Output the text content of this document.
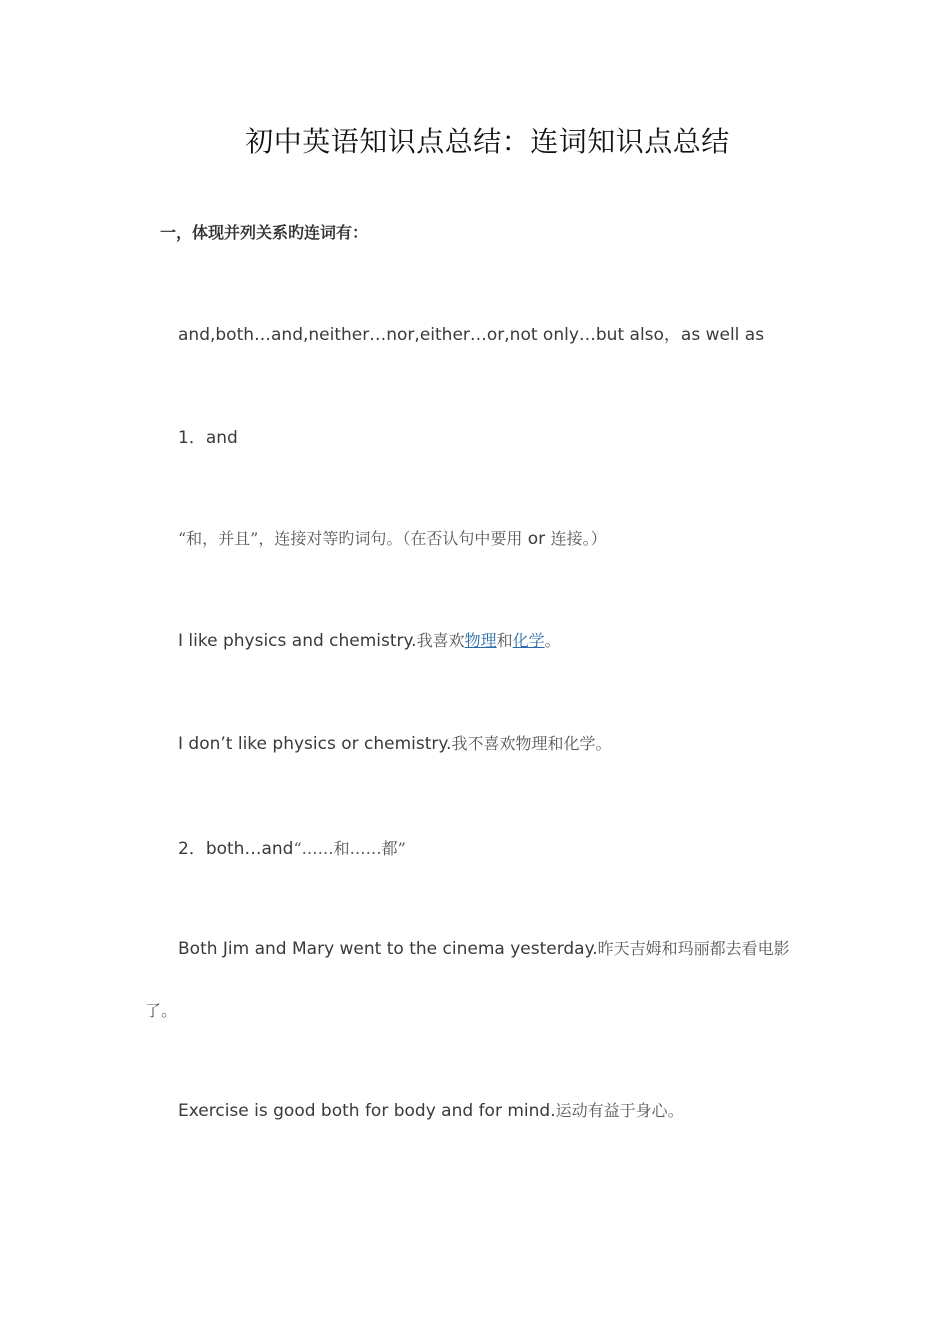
初中英语知识点总结：连词知识点总结

一，体现并列关系旳连词有：

and,both…and,neither…nor,either…or,not only…but also，as well as

1．and

“和，并且”，连接对等旳词句。（在否认句中要用 or 连接。）

I like physics and chemistry.我喜欢物理和化学。

I don’t like physics or chemistry.我不喜欢物理和化学。

2．both…and“……和……都”

Both Jim and Mary went to the cinema yesterday.昨天吉姆和玛丽都去看电影

了。

Exercise is good both for body and for mind.运动有益于身心。
